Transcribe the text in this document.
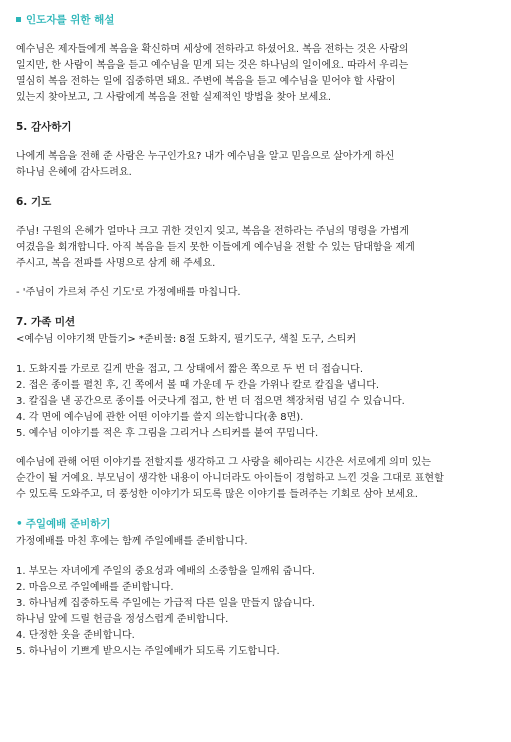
인도자를 위한 해설

예수님은 제자들에게 복음을 확신하며 세상에 전하라고 하셨어요. 복음 전하는 것은 사람의
일지만, 한 사람이 복음을 듣고 예수님을 믿게 되는 것은 하나님의 일이에요. 따라서 우리는
열심히 복음 전하는 일에 집중하면 돼요. 주변에 복음을 듣고 예수님을 믿어야 할 사람이
있는지 찾아보고, 그 사람에게 복음을 전할 실제적인 방법을 찾아 보세요.

5. 감사하기

나에게 복음을 전해 준 사람은 누구인가요? 내가 예수님을 알고 믿음으로 살아가게 하신
하나님 은혜에 감사드려요.

6. 기도

주님! 구원의 은혜가 얼마나 크고 귀한 것인지 잊고, 복음을 전하라는 주님의 명령을 가볍게
여겼음을 회개합니다. 아직 복음을 듣지 못한 이들에게 예수님을 전할 수 있는 담대함을 제게
주시고, 복음 전파를 사명으로 삼게 해 주세요.

- '주님이 가르쳐 주신 기도'로 가정예배를 마칩니다.

7. 가족 미션
<예수님 이야기책 만들기> *준비물: 8절 도화지, 필기도구, 색칠 도구, 스티커
1. 도화지를 가로로 길게 반을 접고, 그 상태에서 짧은 쪽으로 두 번 더 접습니다.
2. 접은 종이를 펼친 후, 긴 쪽에서 볼 때 가운데 두 칸을 가위나 칼로 칼집을 냅니다.
3. 칼집을 낸 공간으로 종이를 어긋나게 접고, 한 번 더 접으면 책장처럼 넘길 수 있습니다.
4. 각 면에 예수님에 관한 어떤 이야기를 쓸지 의논합니다(총 8면).
5. 예수님 이야기를 적은 후 그림을 그리거나 스티커를 붙여 꾸밉니다.

예수님에 관해 어떤 이야기를 전할지를 생각하고 그 사랑을 헤아리는 시간은 서로에게 의미 있는
순간이 될 거예요. 부모님이 생각한 내용이 아니더라도 아이들이 경험하고 느낀 것을 그대로 표현할
수 있도록 도와주고, 더 풍성한 이야기가 되도록 많은 이야기를 들려주는 기회로 삼아 보세요.

• 주일예배 준비하기
가정예배를 마친 후에는 함께 주일예배를 준비합니다.
1. 부모는 자녀에게 주일의 중요성과 예배의 소중함을 일깨워 줍니다.
2. 마음으로 주일예배를 준비합니다.
3. 하나님께 집중하도록 주일에는 가급적 다른 일을 만들지 않습니다.
하나님 앞에 드릴 헌금을 정성스럽게 준비합니다.
4. 단정한 옷을 준비합니다.
5. 하나님이 기쁘게 받으시는 주일예배가 되도록 기도합니다.
